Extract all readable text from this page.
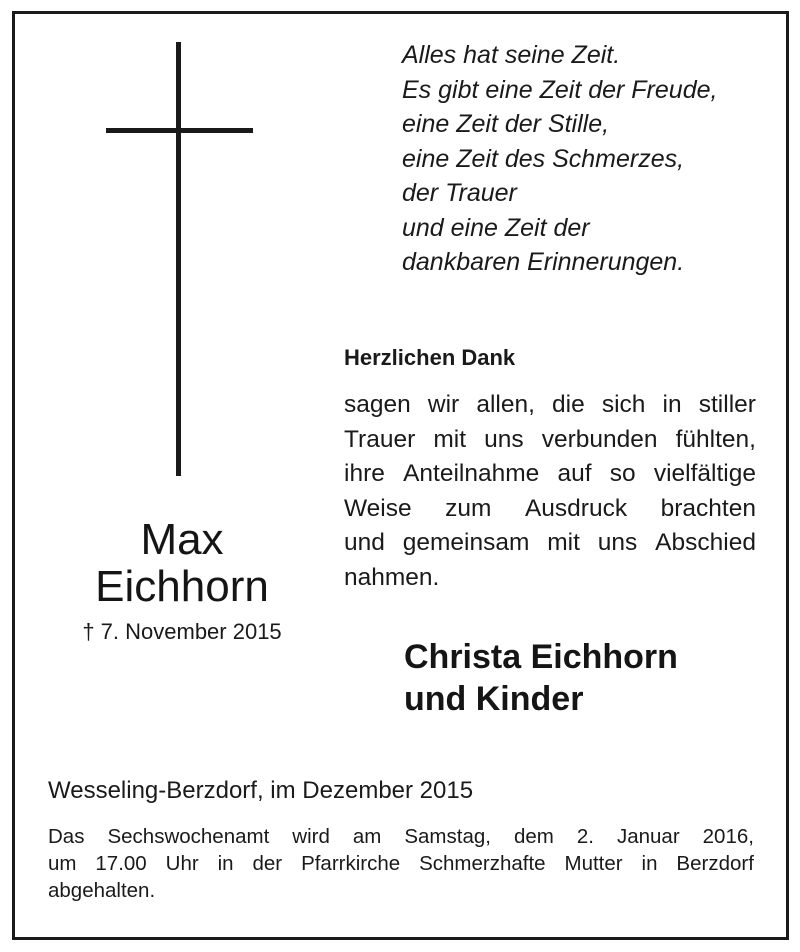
Alles hat seine Zeit.
Es gibt eine Zeit der Freude,
eine Zeit der Stille,
eine Zeit des Schmerzes,
der Trauer
und eine Zeit der
dankbaren Erinnerungen.
Herzlichen Dank
sagen wir allen, die sich in stiller
Trauer mit uns verbunden fühlten,
ihre Anteilnahme auf so vielfältige
Weise zum Ausdruck brachten
und gemeinsam mit uns Abschied
nahmen.
Max
Eichhorn
† 7. November 2015
Christa Eichhorn
und Kinder
Wesseling-Berzdorf, im Dezember 2015
Das Sechswochenamt wird am Samstag, dem 2. Januar 2016,
um 17.00 Uhr in der Pfarrkirche Schmerzhafte Mutter in Berzdorf
abgehalten.
